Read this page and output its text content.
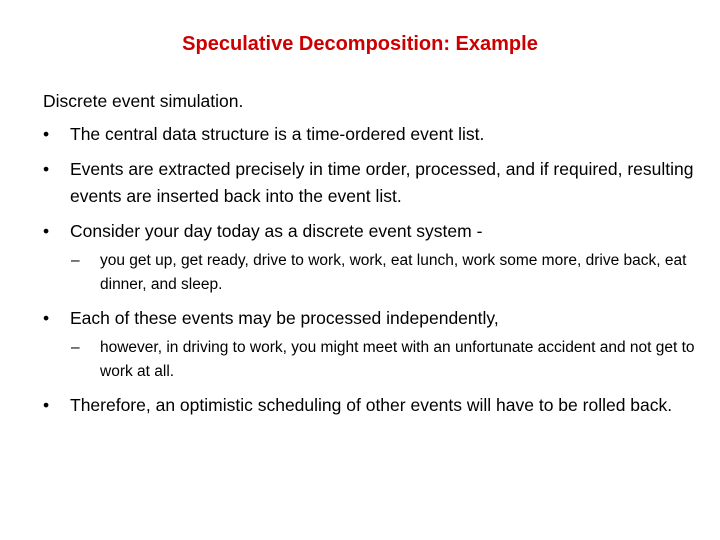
Speculative Decomposition: Example

Discrete event simulation.

•	The central data structure is a time-ordered event list.
•	Events are extracted precisely in time order, processed, and if required, resulting events are inserted back into the event list.
•	Consider your day today as a discrete event system -
–	you get up, get ready, drive to work, work, eat lunch, work some more, drive back, eat dinner, and sleep.
•	Each of these events may be processed independently,
–	however, in driving to work, you might meet with an unfortunate accident and not get to work at all.
•	Therefore, an optimistic scheduling of other events will have to be rolled back.
